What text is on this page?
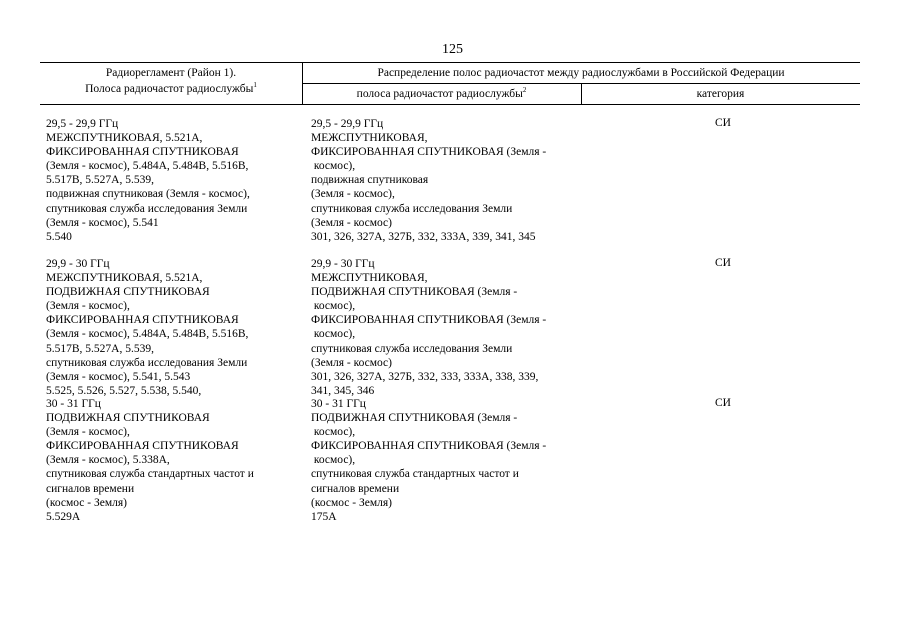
125
Радиорегламент (Район 1).
Полоса радиочастот радиослужбы$^1$
Распределение полос радиочастот между радиослужбами в Российской Федерации
полоса радиочастот радиослужбы$^2$	категория
29,5 - 29,9 ГГц
МЕЖСПУТНИКОВАЯ, 5.521А,
ФИКСИРОВАННАЯ СПУТНИКОВАЯ
(Земля - космос), 5.484А, 5.484В, 5.516В,
5.517В, 5.527А, 5.539,
подвижная спутниковая (Земля - космос),
спутниковая служба исследования Земли
(Земля - космос), 5.541
5.540
29,5 - 29,9 ГГц
МЕЖСПУТНИКОВАЯ,
ФИКСИРОВАННАЯ СПУТНИКОВАЯ (Земля -
космос),
подвижная спутниковая
(Земля - космос),
спутниковая служба исследования Земли
(Земля - космос)
301, 326, 327А, 327Б, 332, 333А, 339, 341, 345
СИ
29,9 - 30 ГГц
МЕЖСПУТНИКОВАЯ, 5.521А,
ПОДВИЖНАЯ СПУТНИКОВАЯ
(Земля - космос),
ФИКСИРОВАННАЯ СПУТНИКОВАЯ
(Земля - космос), 5.484А, 5.484В, 5.516В,
5.517В, 5.527А, 5.539,
спутниковая служба исследования Земли
(Земля - космос), 5.541, 5.543
5.525, 5.526, 5.527, 5.538, 5.540,
29,9 - 30 ГГц
МЕЖСПУТНИКОВАЯ,
ПОДВИЖНАЯ СПУТНИКОВАЯ (Земля -
космос),
ФИКСИРОВАННАЯ СПУТНИКОВАЯ (Земля -
космос),
спутниковая служба исследования Земли
(Земля - космос)
301, 326, 327А, 327Б, 332, 333, 333А, 338, 339,
341, 345, 346
СИ
30 - 31 ГГц
ПОДВИЖНАЯ СПУТНИКОВАЯ
(Земля - космос),
ФИКСИРОВАННАЯ СПУТНИКОВАЯ
(Земля - космос), 5.338А,
спутниковая служба стандартных частот и
сигналов времени
(космос - Земля)
5.529А
30 - 31 ГГц
ПОДВИЖНАЯ СПУТНИКОВАЯ (Земля -
космос),
ФИКСИРОВАННАЯ СПУТНИКОВАЯ (Земля -
космос),
спутниковая служба стандартных частот и
сигналов времени
(космос - Земля)
175А
СИ
